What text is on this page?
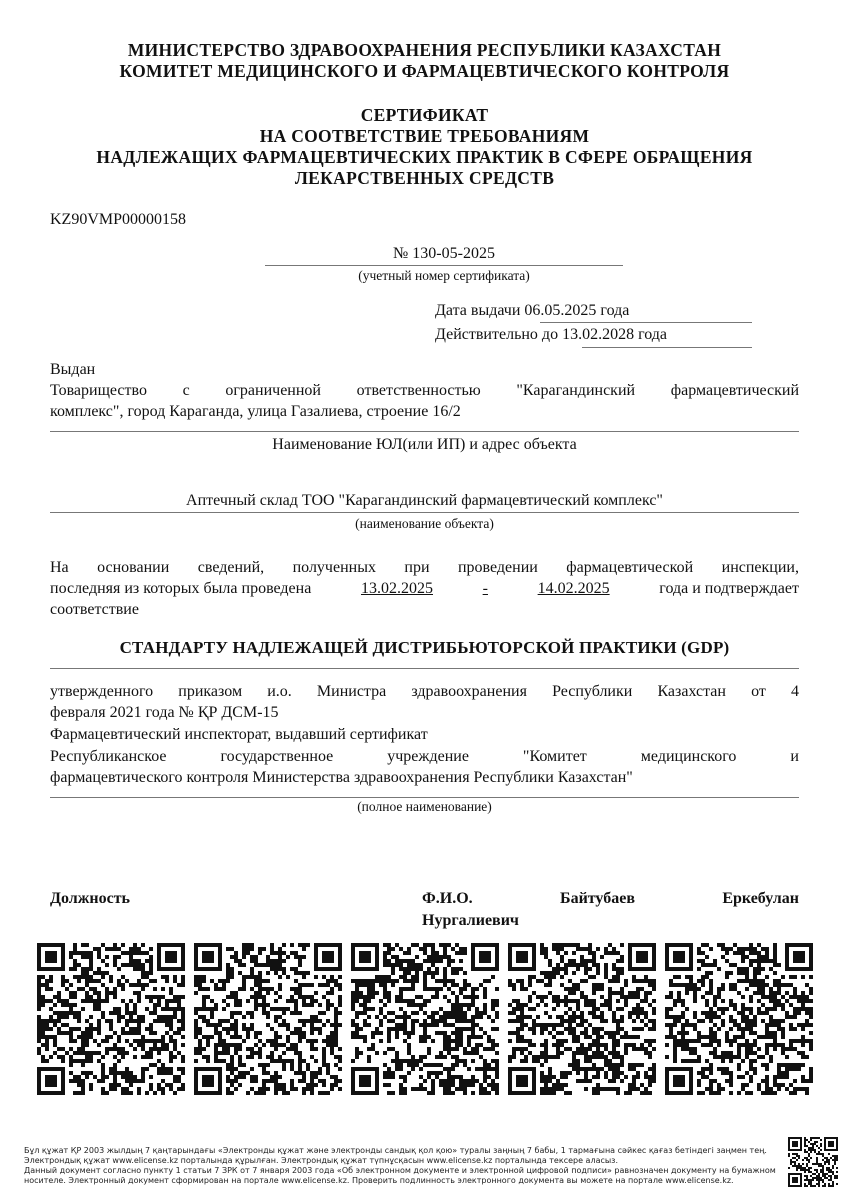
МИНИСТЕРСТВО ЗДРАВООХРАНЕНИЯ РЕСПУБЛИКИ КАЗАХСТАН
КОМИТЕТ МЕДИЦИНСКОГО И ФАРМАЦЕВТИЧЕСКОГО КОНТРОЛЯ
СЕРТИФИКАТ
НА СООТВЕТСТВИЕ ТРЕБОВАНИЯМ
НАДЛЕЖАЩИХ ФАРМАЦЕВТИЧЕСКИХ ПРАКТИК В СФЕРЕ ОБРАЩЕНИЯ
ЛЕКАРСТВЕННЫХ СРЕДСТВ
KZ90VMP00000158
№ 130-05-2025
(учетный номер сертификата)
Дата выдачи 06.05.2025 года
Действительно до 13.02.2028 года
Выдан
Товарищество с ограниченной ответственностью "Карагандинский фармацевтический
комплекс", город Караганда, улица Газалиева, строение 16/2
Наименование ЮЛ(или ИП) и адрес объекта
Аптечный склад ТОО "Карагандинский фармацевтический комплекс"
(наименование объекта)
На основании сведений, полученных при проведении фармацевтической инспекции,
последняя из которых была проведена	13.02.2025	-	14.02.2025	года и подтверждает
соответствие
СТАНДАРТУ НАДЛЕЖАЩЕЙ ДИСТРИБЬЮТОРСКОЙ ПРАКТИКИ (GDP)
утвержденного приказом и.о. Министра здравоохранения Республики Казахстан от 4
февраля 2021 года № ҚР ДСМ-15
Фармацевтический инспекторат, выдавший сертификат
Республиканское государственное учреждение "Комитет медицинского и
фармацевтического контроля Министерства здравоохранения Республики Казахстан"
(полное наименование)
Должность	Ф.И.О.	Байтубаев	Еркебулан
Нургалиевич
Бұл құжат ҚР 2003 жылдың 7 қаңтарындағы «Электронды құжат және электронды сандық қол қою» туралы заңның 7 бабы, 1 тармағына сәйкес қағаз бетіндегі заңмен тең.
Электрондық құжат www.elicense.kz порталында құрылған. Электрондық құжат түпнұсқасын www.elicense.kz порталында тексере аласыз.
Данный документ согласно пункту 1 статьи 7 ЗРК от 7 января 2003 года «Об электронном документе и электронной цифровой подписи» равнозначен документу на бумажном
носителе. Электронный документ сформирован на портале www.elicense.kz. Проверить подлинность электронного документа вы можете на портале www.elicense.kz.
